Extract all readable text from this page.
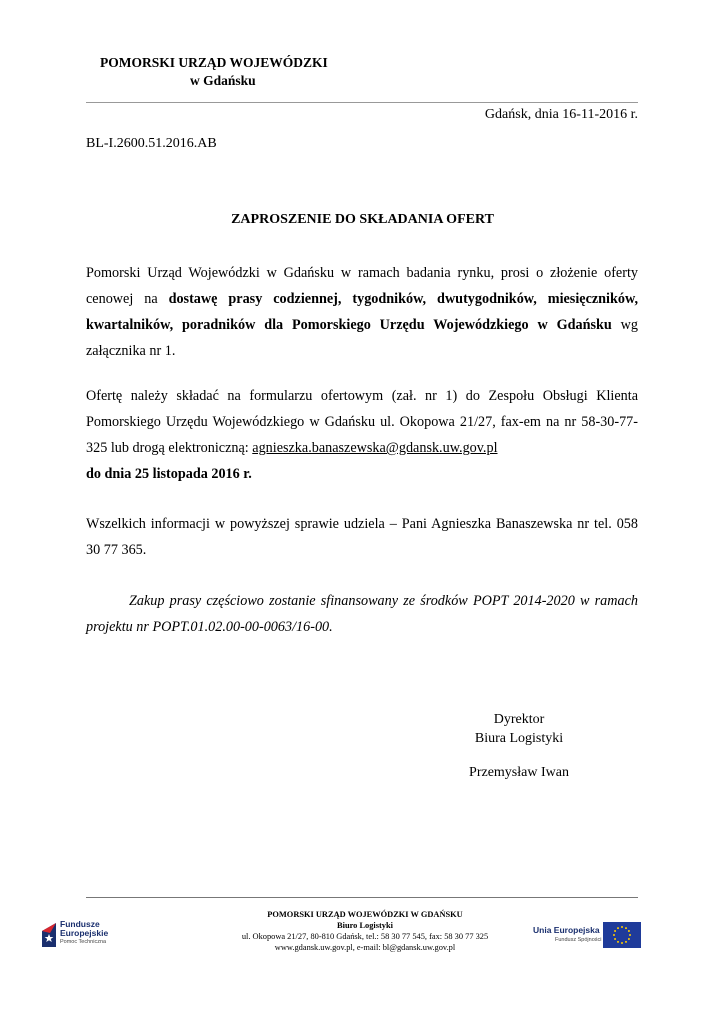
POMORSKI URZĄD WOJEWÓDZKI
w Gdańsku
Gdańsk, dnia 16-11-2016 r.
BL-I.2600.51.2016.AB
ZAPROSZENIE DO SKŁADANIA OFERT
Pomorski Urząd Wojewódzki w Gdańsku w ramach badania rynku, prosi o złożenie oferty cenowej na dostawę prasy codziennej, tygodników, dwutygodników, miesięczników, kwartalników, poradników dla Pomorskiego Urzędu Wojewódzkiego w Gdańsku wg załącznika nr 1.
Ofertę należy składać na formularzu ofertowym (zał. nr 1) do Zespołu Obsługi Klienta Pomorskiego Urzędu Wojewódzkiego w Gdańsku ul. Okopowa 21/27, fax-em na nr 58-30-77- 325 lub drogą elektroniczną: agnieszka.banaszewska@gdansk.uw.gov.pl
do dnia 25 listopada 2016 r.
Wszelkich informacji w powyższej sprawie udziela – Pani Agnieszka Banaszewska nr tel. 058 30 77 365.
Zakup prasy częściowo zostanie sfinansowany ze środków POPT 2014-2020 w ramach projektu nr POPT.01.02.00-00-0063/16-00.
Dyrektor
Biura Logistyki
Przemysław Iwan
Fundusze
Europejskie
Pomoc Techniczna
POMORSKI URZĄD WOJEWÓDZKI W GDAŃSKU
Biuro Logistyki
ul. Okopowa 21/27, 80-810 Gdańsk, tel.: 58 30 77 545, fax: 58 30 77 325
www.gdansk.uw.gov.pl, e-mail: bl@gdansk.uw.gov.pl
Unia Europejska
Fundusz Spójności
